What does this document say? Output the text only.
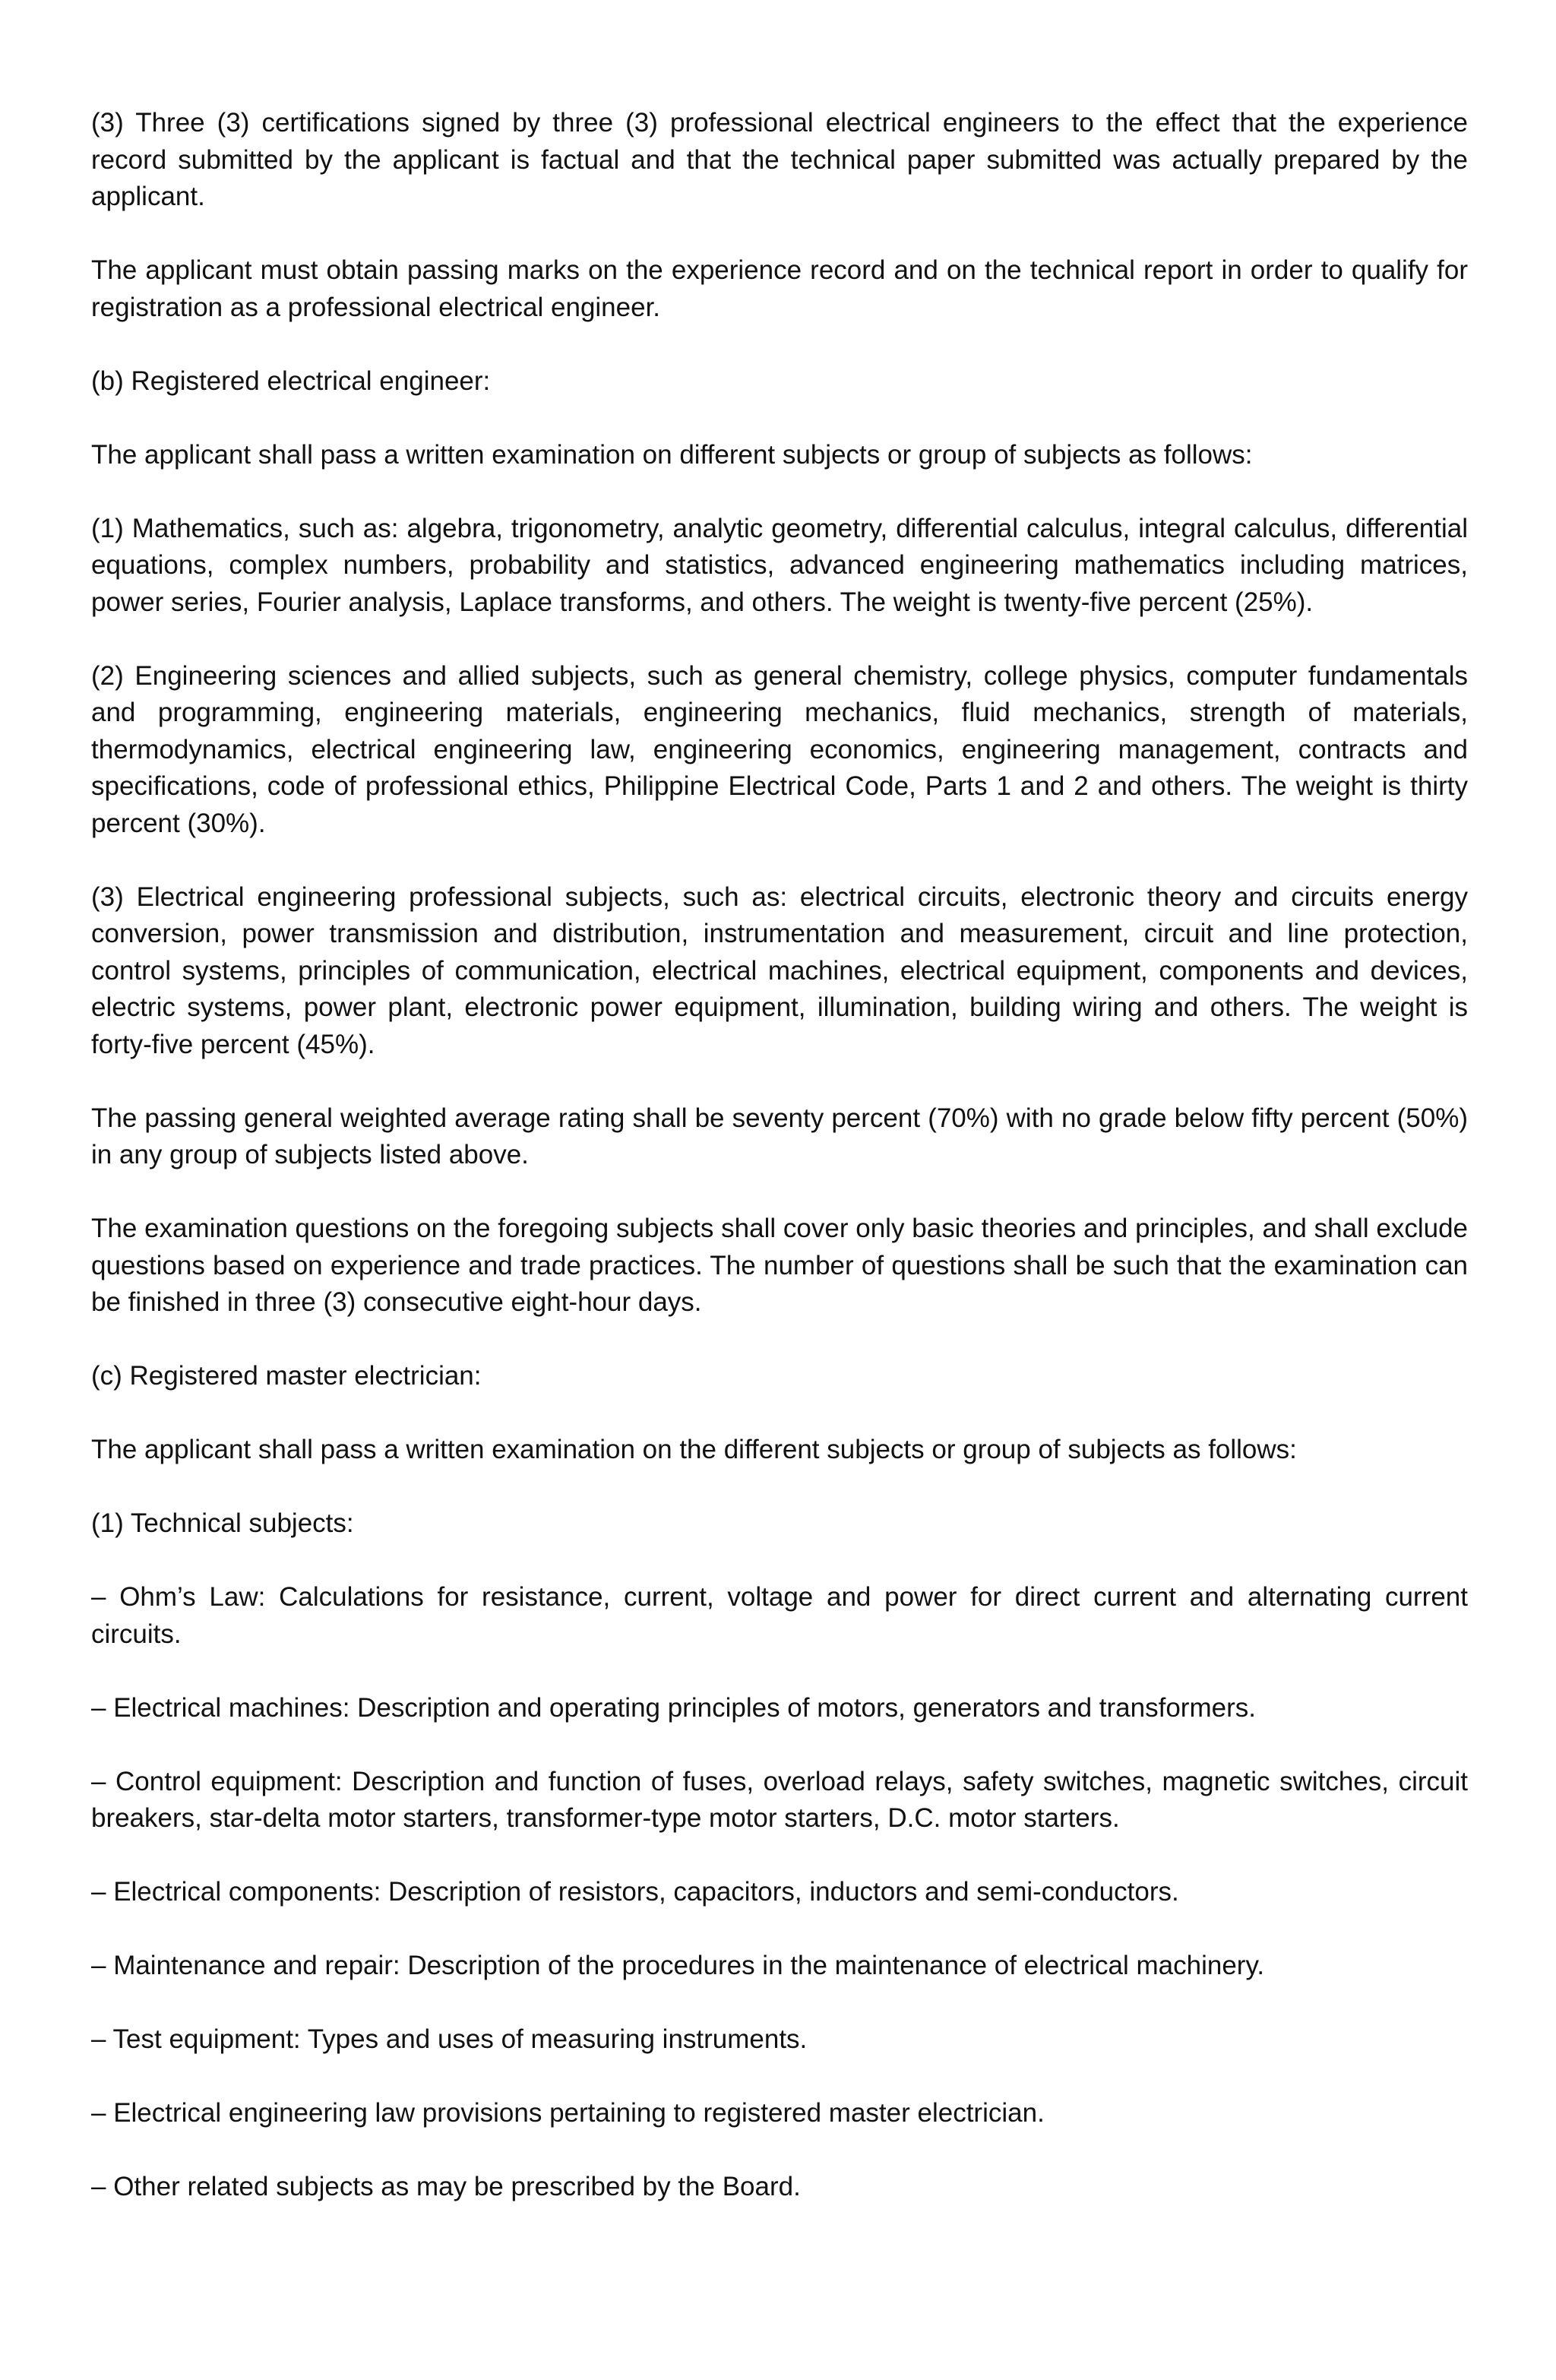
(3) Three (3) certifications signed by three (3) professional electrical engineers to the effect that the experience record submitted by the applicant is factual and that the technical paper submitted was actually prepared by the applicant.

The applicant must obtain passing marks on the experience record and on the technical report in order to qualify for registration as a professional electrical engineer.

(b) Registered electrical engineer:

The applicant shall pass a written examination on different subjects or group of subjects as follows:

(1) Mathematics, such as: algebra, trigonometry, analytic geometry, differential calculus, integral calculus, differential equations, complex numbers, probability and statistics, advanced engineering mathematics including matrices, power series, Fourier analysis, Laplace transforms, and others. The weight is twenty-five percent (25%).

(2) Engineering sciences and allied subjects, such as general chemistry, college physics, computer fundamentals and programming, engineering materials, engineering mechanics, fluid mechanics, strength of materials, thermodynamics, electrical engineering law, engineering economics, engineering management, contracts and specifications, code of professional ethics, Philippine Electrical Code, Parts 1 and 2 and others. The weight is thirty percent (30%).

(3) Electrical engineering professional subjects, such as: electrical circuits, electronic theory and circuits energy conversion, power transmission and distribution, instrumentation and measurement, circuit and line protection, control systems, principles of communication, electrical machines, electrical equipment, components and devices, electric systems, power plant, electronic power equipment, illumination, building wiring and others. The weight is forty-five percent (45%).

The passing general weighted average rating shall be seventy percent (70%) with no grade below fifty percent (50%) in any group of subjects listed above.

The examination questions on the foregoing subjects shall cover only basic theories and principles, and shall exclude questions based on experience and trade practices. The number of questions shall be such that the examination can be finished in three (3) consecutive eight-hour days.

(c) Registered master electrician:

The applicant shall pass a written examination on the different subjects or group of subjects as follows:

(1) Technical subjects:

– Ohm’s Law: Calculations for resistance, current, voltage and power for direct current and alternating current circuits.

– Electrical machines: Description and operating principles of motors, generators and transformers.

– Control equipment: Description and function of fuses, overload relays, safety switches, magnetic switches, circuit breakers, star-delta motor starters, transformer-type motor starters, D.C. motor starters.

– Electrical components: Description of resistors, capacitors, inductors and semi-conductors.

– Maintenance and repair: Description of the procedures in the maintenance of electrical machinery.

– Test equipment: Types and uses of measuring instruments.

– Electrical engineering law provisions pertaining to registered master electrician.

– Other related subjects as may be prescribed by the Board.
